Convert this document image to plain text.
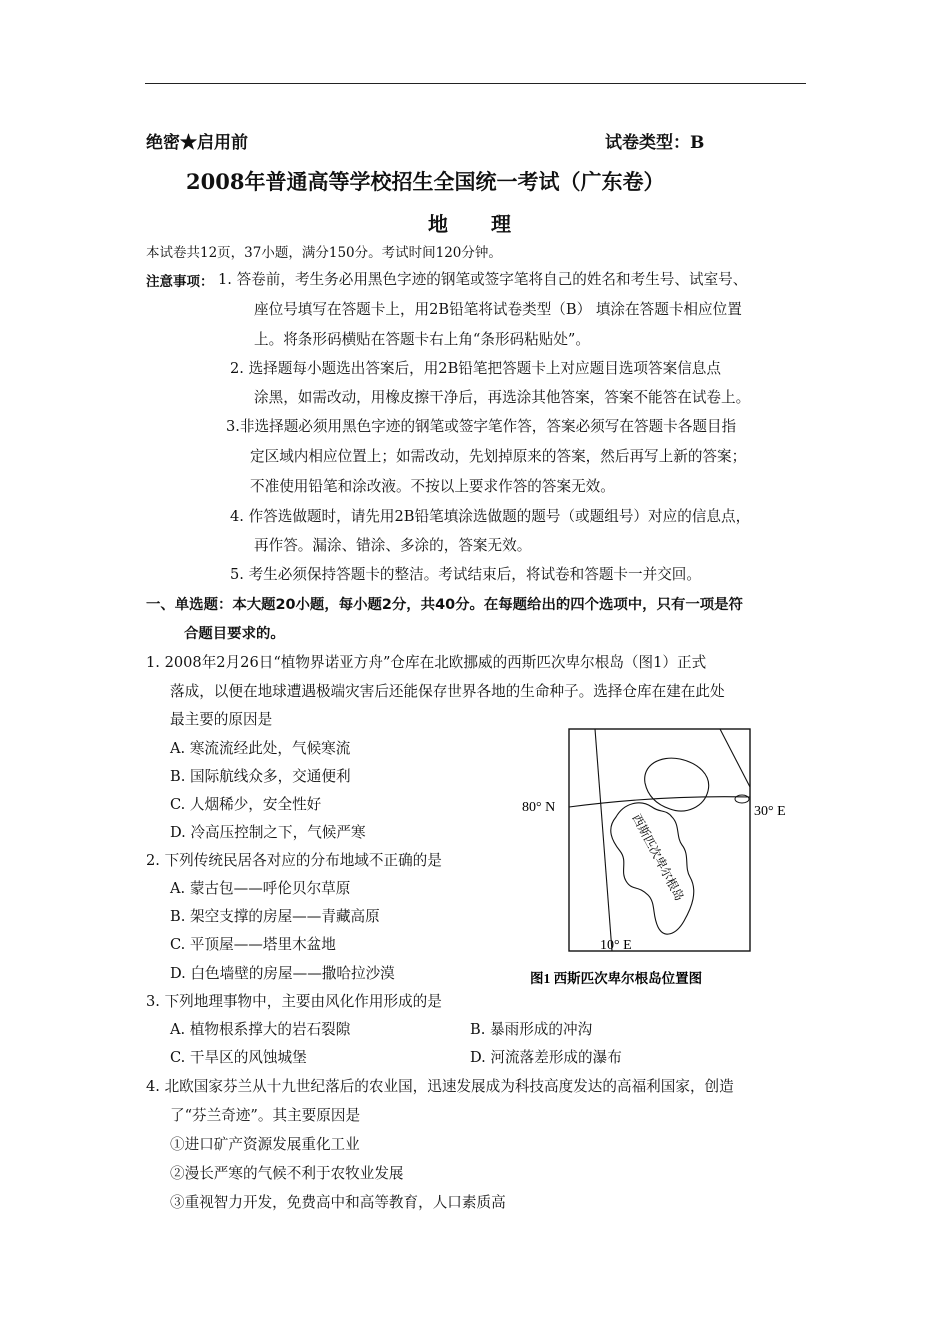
绝密★启用前	试卷类型：B
2008年普通高等学校招生全国统一考试（广东卷）
地 理
本试卷共12页，37小题，满分150分。考试时间120分钟。
注意事项： 1. 答卷前，考生务必用黑色字迹的钢笔或签字笔将自己的姓名和考生号、试室号、
座位号填写在答题卡上，用2B铅笔将试卷类型（B） 填涂在答题卡相应位置
上。将条形码横贴在答题卡右上角“条形码粘贴处”。
2. 选择题每小题选出答案后，用2B铅笔把答题卡上对应题目选项答案信息点
涂黑，如需改动，用橡皮擦干净后，再选涂其他答案，答案不能答在试卷上。
3.非选择题必须用黑色字迹的钢笔或签字笔作答，答案必须写在答题卡各题目指
定区域内相应位置上；如需改动，先划掉原来的答案，然后再写上新的答案；
不准使用铅笔和涂改液。不按以上要求作答的答案无效。
4. 作答选做题时，请先用2B铅笔填涂选做题的题号（或题组号）对应的信息点，
再作答。漏涂、错涂、多涂的，答案无效。
5. 考生必须保持答题卡的整洁。考试结束后，将试卷和答题卡一并交回。
一、单选题：本大题20小题，每小题2分，共40分。在每题给出的四个选项中，只有一项是符
合题目要求的。
1. 2008年2月26日“植物界诺亚方舟”仓库在北欧挪威的西斯匹次卑尔根岛（图1）正式
落成，以便在地球遭遇极端灾害后还能保存世界各地的生命种子。选择仓库在建在此处
最主要的原因是
A. 寒流流经此处，气候寒流
B. 国际航线众多，交通便利
C. 人烟稀少，安全性好
D. 冷高压控制之下，气候严寒
2. 下列传统民居各对应的分布地域不正确的是
A. 蒙古包——呼伦贝尔草原
B. 架空支撑的房屋——青藏高原
C. 平顶屋——塔里木盆地
D. 白色墙壁的房屋——撒哈拉沙漠
3. 下列地理事物中，主要由风化作用形成的是
A. 植物根系撑大的岩石裂隙	B. 暴雨形成的冲沟
C. 干旱区的风蚀城堡	D. 河流落差形成的瀑布
4. 北欧国家芬兰从十九世纪落后的农业国，迅速发展成为科技高度发达的高福利国家，创造
了“芬兰奇迹”。其主要原因是
①进口矿产资源发展重化工业
②漫长严寒的气候不利于农牧业发展
③重视智力开发，免费高中和高等教育，人口素质高
80° N	30° E
10° E
西斯匹次卑尔根岛
图1 西斯匹次卑尔根岛位置图
